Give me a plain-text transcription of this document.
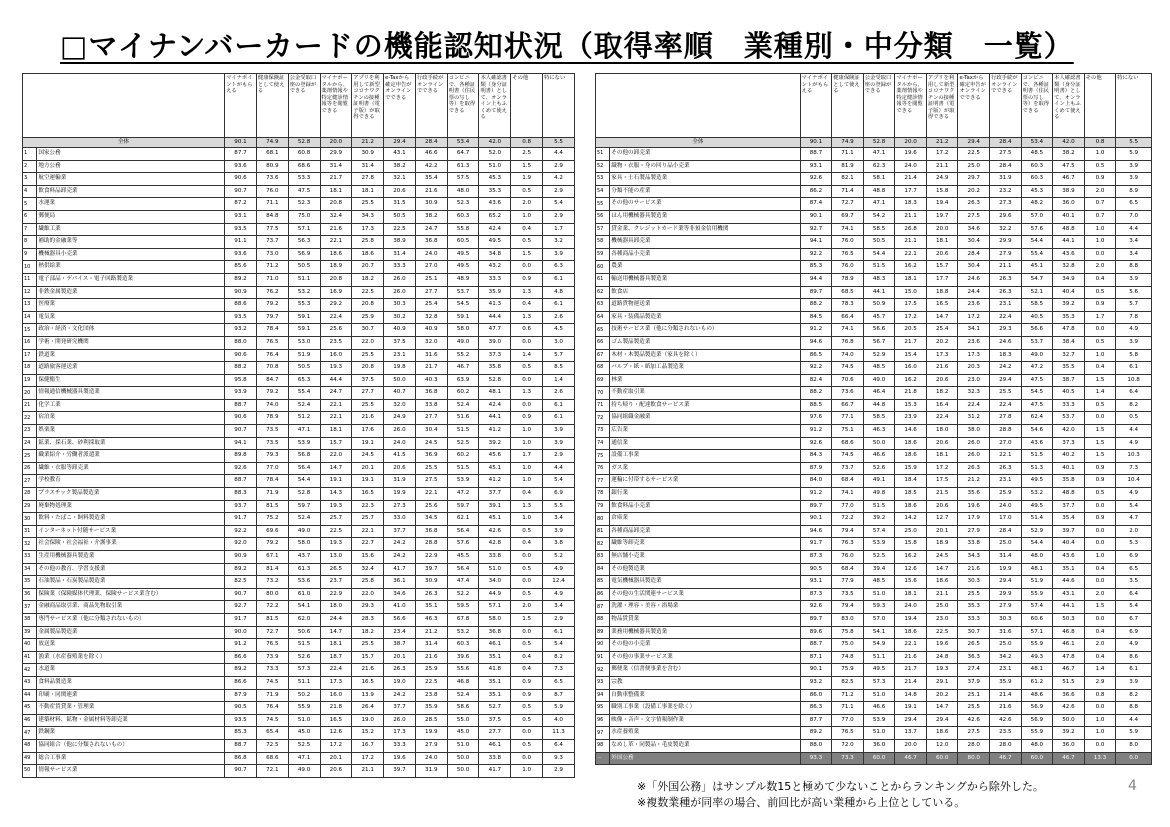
□マイナンバーカードの機能認知状況（取得率順　業種別・中分類　一覧）
		マイナポイントがもらえる	健康保険証として使える	公金受取口座の登録ができる	マイナポータルから、薬剤情報や特定健診情報等を閲覧できる	アプリを利用して新型コロナワクチンの接種証明書（電子版）が取得できる	e-Taxから確定申告がオンラインでできる	行政手続がオンラインでできる	コンビニで、各種証明書（住民票の写し等）を取得できる	本人確認書類（身分証明書）として、オンライン上もふくめて使える	その他	特にない
全体		90.1	74.9	52.8	20.0	21.2	29.4	28.4	53.4	42.0	0.8	5.5
1	国家公務	87.7	68.1	60.8	29.9	30.9	43.1	46.6	64.7	52.0	2.5	4.4
2	地方公務	93.6	80.9	68.6	31.4	31.4	38.2	42.2	61.3	51.0	1.5	2.9
3	航空運輸業	90.6	73.6	53.3	21.7	27.8	32.1	35.4	57.5	45.3	1.9	4.2
4	飲食料品卸売業	90.7	76.0	47.5	18.1	18.1	20.6	21.6	48.0	35.3	0.5	2.9
5	水運業	87.2	71.1	52.3	20.8	25.5	31.5	30.9	52.3	43.6	2.0	5.4
6	郵便局	93.1	84.8	75.0	32.4	34.3	50.5	38.2	60.3	65.2	1.0	2.9
7	繊維工業	93.5	77.5	57.1	21.6	17.3	22.5	24.7	55.8	42.4	0.4	1.7
8	補助的金融業等	91.1	73.7	56.3	22.1	25.8	38.9	36.8	60.5	49.5	0.5	3.2
9	機械器具小売業	93.6	73.0	56.9	18.6	18.6	31.4	24.0	49.5	34.8	1.5	3.9
10	熱供給業	85.6	71.2	50.5	18.9	20.7	33.3	27.0	49.5	43.2	0.0	6.3
11	電子部品・デバイス・電子回路製造業	89.2	71.0	51.1	20.8	18.2	26.0	25.1	48.9	33.3	0.9	6.1
12	非鉄金属製造業	90.9	76.2	53.2	16.9	22.5	26.0	27.7	53.7	35.9	1.3	4.8
13	医療業	88.6	79.2	55.3	29.2	20.8	30.3	25.4	54.5	41.3	0.4	6.1
14	電気業	93.5	79.7	59.1	22.4	25.9	30.2	32.8	59.1	44.4	1.3	2.6
15	政治・経済・文化団体	93.2	78.4	59.1	25.6	30.7	40.9	40.9	58.0	47.7	0.6	4.5
16	学術・開発研究機関	88.0	76.5	53.0	23.5	22.0	37.5	32.0	49.0	39.0	0.0	3.0
17	鉄道業	90.6	76.4	51.9	16.0	25.5	23.1	31.6	55.2	37.3	1.4	5.7
18	道路旅客運送業	88.2	70.8	50.5	19.3	20.8	19.8	21.7	46.7	35.8	0.5	8.5
19	保健衛生	95.8	84.7	65.3	44.4	37.5	50.0	40.3	63.9	52.8	0.0	1.4
20	情報通信機械器具製造業	93.9	79.2	55.4	24.7	27.7	40.7	36.8	60.2	48.1	1.3	2.6
21	化学工業	88.7	74.0	52.4	22.1	25.5	32.0	33.8	52.4	42.4	0.0	6.1
22	宿泊業	90.6	78.9	51.2	22.1	21.6	24.9	27.7	51.6	44.1	0.9	6.1
23	娯楽業	90.7	73.5	47.1	18.1	17.6	26.0	30.4	51.5	41.2	1.0	3.9
24	鉱業、採石業、砂利採取業	94.1	73.5	53.9	15.7	19.1	24.0	24.5	52.5	39.2	1.0	3.9
25	職業紹介・労働者派遣業	89.8	79.3	56.8	22.0	24.5	41.5	36.9	60.2	45.6	1.7	2.9
26	繊維・衣服等卸売業	92.6	77.0	56.4	14.7	20.1	20.6	25.5	51.5	45.1	1.0	4.4
27	学校教育	88.7	78.4	54.4	19.1	19.1	31.9	27.5	53.9	41.2	1.0	5.4
28	プラスチック製品製造業	88.3	71.9	52.8	14.3	16.5	19.9	22.1	47.2	37.7	0.4	6.9
29	廃棄物処理業	93.7	81.5	59.7	19.3	22.3	27.3	25.6	59.7	39.1	1.3	5.5
30	飲料・たばこ・飼料製造業	91.7	75.2	52.4	25.7	25.7	33.0	34.5	62.1	45.1	1.0	3.4
31	インターネット付随サービス業	92.2	69.6	49.0	22.5	22.1	37.7	36.8	56.4	42.6	0.5	3.9
32	社会保険・社会福祉・介護事業	92.0	79.2	58.0	19.3	22.7	24.2	28.8	57.6	42.8	0.4	3.8
33	生産用機械器具製造業	90.9	67.1	43.7	13.0	15.6	24.2	22.9	45.5	33.8	0.0	5.2
34	その他の教育、学習支援業	89.2	81.4	61.3	26.5	32.4	41.7	39.7	56.4	51.0	0.5	4.9
35	石油製品・石炭製品製造業	82.5	73.2	53.6	23.7	25.8	36.1	30.9	47.4	34.0	0.0	12.4
36	保険業（保険媒体代理業、保険サービス業含む）	90.7	80.0	61.0	22.9	22.0	34.6	26.3	52.2	44.9	0.5	4.9
37	金融商品取引業、商品先物取引業	92.7	72.2	54.1	18.0	29.3	41.0	35.1	59.5	57.1	2.0	3.4
38	専門サービス業（他に分類されないもの）	91.7	81.5	62.0	24.4	28.3	56.6	46.3	67.8	58.0	1.5	2.9
39	金属製品製造業	90.0	72.7	50.6	14.7	18.2	23.4	21.2	53.2	36.8	0.0	6.1
40	放送業	91.2	76.5	51.5	18.1	25.5	38.7	31.4	60.3	46.1	0.5	5.4
41	漁業（水産養殖業を除く）	86.6	73.9	52.6	18.7	15.7	20.1	21.6	39.6	35.1	0.4	8.2
42	水道業	89.2	73.3	57.3	22.4	21.6	26.3	25.9	55.6	41.8	0.4	7.3
43	食料品製造業	86.6	74.5	51.1	17.3	16.5	19.0	22.5	46.8	35.1	0.9	6.5
44	印刷・同関連業	87.9	71.9	50.2	16.0	13.9	24.2	23.8	52.4	35.1	0.9	8.7
45	不動産賃貸業・管理業	90.5	76.4	55.9	21.8	26.4	37.7	35.9	58.6	52.7	0.5	5.9
46	建築材料、鉱物・金属材料等卸売業	93.5	74.5	51.0	16.5	19.0	26.0	28.5	55.0	37.5	0.5	4.0
47	鉄鋼業	85.3	65.4	45.0	12.6	15.2	17.3	19.9	45.0	27.7	0.0	11.3
48	協同組合（他に分類されないもの）	88.7	72.5	52.5	17.2	16.7	33.3	27.9	51.0	46.1	0.5	6.4
49	総合工事業	86.8	68.6	47.1	20.1	17.2	19.6	24.0	50.0	33.8	0.0	9.3
50	情報サービス業	90.7	72.1	49.0	20.6	21.1	39.7	31.9	50.0	41.7	1.0	2.9
		マイナポイントがもらえる	健康保険証として使える	公金受取口座の登録ができる	マイナポータルから、薬剤情報や特定健診情報等を閲覧できる	アプリを利用して新型コロナワクチンの接種証明書（電子版）が取得できる	e-Taxから確定申告がオンラインでできる	行政手続がオンラインでできる	コンビニで、各種証明書（住民票の写し等）を取得できる	本人確認書類（身分証明書）として、オンライン上もふくめて使える	その他	特にない
全体		90.1	74.9	52.8	20.0	21.2	29.4	28.4	53.4	42.0	0.8	5.5
51	その他の卸売業	88.7	71.1	47.1	19.6	17.2	22.5	27.5	48.5	38.2	1.0	5.9
52	織物・衣服・身の回り品小売業	93.1	81.9	62.3	24.0	21.1	25.0	28.4	60.3	47.5	0.5	3.9
53	家具・士石製品製造業	92.6	82.1	58.1	21.4	24.9	29.7	31.9	60.3	46.7	0.9	3.9
54	分類不能の産業	86.2	71.4	48.8	17.7	15.8	20.2	23.2	45.3	38.9	2.0	8.9
55	その他のサービス業	87.4	72.7	47.1	18.3	19.4	26.3	27.3	48.2	36.0	0.7	6.5
56	はん用機械器具製造業	90.1	69.7	54.2	21.1	19.7	27.5	29.6	57.0	40.1	0.7	7.0
57	貸金業、クレジットカード業等非預金信用機関	92.7	74.1	58.5	26.8	20.0	34.6	32.2	57.6	48.8	1.0	4.4
58	機械器具卸売業	94.1	76.0	50.5	21.1	18.1	30.4	29.9	54.4	44.1	1.0	3.4
59	各種商品小売業	92.2	76.5	54.4	22.1	20.6	28.4	27.9	55.4	43.6	0.0	3.4
60	農業	85.3	76.0	51.5	16.2	15.7	30.4	21.1	45.1	32.8	2.0	8.8
61	輸送用機械器具製造業	94.4	78.9	48.3	18.1	17.7	24.6	26.3	54.7	34.9	0.4	3.9
62	飲食店	89.7	68.5	44.1	15.0	18.8	24.4	26.3	52.1	40.4	0.5	5.6
63	道路貨物運送業	88.2	78.3	50.9	17.5	16.5	23.6	23.1	58.5	39.2	0.9	5.7
64	家具・装備品製造業	84.5	66.4	45.7	17.2	14.7	17.2	22.4	40.5	35.3	1.7	7.8
65	技術サービス業（他に分類されないもの）	91.2	74.1	56.6	20.5	25.4	34.1	29.3	56.6	47.8	0.0	4.9
66	ゴム製品製造業	94.6	76.8	56.7	21.7	20.2	23.6	24.6	53.7	38.4	0.5	3.9
67	木材・木製品製造業（家具を除く）	86.5	74.0	52.9	15.4	17.3	17.3	18.3	49.0	32.7	1.0	5.8
68	パルプ・紙・紙加工品製造業	92.2	74.5	48.5	16.0	21.6	20.3	24.2	47.2	35.5	0.4	6.1
69	林業	82.4	70.6	49.0	16.2	20.6	23.0	29.4	47.5	38.7	1.5	10.8
70	不動産取引業	88.2	73.6	46.4	21.8	18.2	32.3	25.5	54.5	40.5	1.4	6.4
71	持ち帰り・配達飲食サービス業	88.5	66.7	44.8	15.3	16.4	22.4	22.4	47.5	33.3	0.5	8.2
72	協同組織金融業	97.6	77.1	58.5	23.9	22.4	31.2	27.8	62.4	53.7	0.0	0.5
73	広告業	91.2	75.1	46.3	14.6	18.0	38.0	28.8	54.6	42.0	1.5	4.4
74	通信業	92.6	68.6	50.0	18.6	20.6	26.0	27.0	43.6	37.3	1.5	4.9
75	設備工事業	84.3	74.5	46.6	18.6	18.1	26.0	22.1	51.5	40.2	1.5	10.3
76	ガス業	87.9	73.7	52.6	15.9	17.2	26.3	26.3	51.3	40.1	0.9	7.3
77	運輸に付帯するサービス業	84.0	68.4	49.1	18.4	17.5	21.2	23.1	49.5	35.8	0.9	10.4
78	銀行業	91.2	74.1	49.8	18.5	21.5	35.6	25.9	53.2	48.8	0.5	4.9
79	飲食料品小売業	89.7	77.0	51.5	18.6	20.6	19.6	24.0	49.5	37.7	0.0	5.4
80	倉庫業	90.1	72.2	39.2	14.2	12.7	17.9	17.0	51.4	35.4	0.9	4.7
81	各種商品卸売業	94.6	79.4	57.4	25.0	20.1	27.9	28.4	52.9	39.7	0.0	2.0
82	繊維等卸売業	91.7	76.3	53.9	15.8	18.9	33.8	25.0	54.4	40.4	0.0	5.3
83	無店舗小売業	87.3	76.0	52.5	16.2	24.5	34.3	31.4	48.0	43.6	1.0	6.9
84	その他製造業	90.5	68.4	39.4	12.6	14.7	21.6	19.9	48.1	35.1	0.4	6.5
85	電気機械器具製造業	93.1	77.9	48.5	15.6	18.6	30.3	29.4	51.9	44.6	0.0	3.5
86	その他の生活関連サービス業	87.3	73.5	51.0	18.1	21.1	25.5	29.9	55.9	43.1	2.0	6.4
87	洗濯・理容・美容・浴場業	92.6	79.4	59.3	24.0	25.0	35.3	27.9	57.4	44.1	1.5	5.4
88	物品賃貸業	89.7	83.0	57.0	19.4	23.0	33.3	30.3	60.6	50.3	0.0	6.7
89	業務用機械器具製造業	89.6	75.8	54.1	18.6	22.5	30.7	31.6	57.1	46.8	0.4	6.9
90	その他の小売業	88.7	75.0	54.9	22.1	19.6	26.5	25.0	55.9	46.1	2.0	4.9
91	その他の事業サービス業	87.1	74.8	51.1	21.6	24.8	36.3	34.2	49.3	47.8	0.4	8.6
92	郵便業（信書便事業を含む）	90.1	75.9	49.5	21.7	19.3	27.4	23.1	48.1	46.7	1.4	6.1
93	宗教	93.2	82.5	57.3	21.4	29.1	37.9	35.9	61.2	51.5	2.9	3.9
94	自動車整備業	86.0	71.2	51.0	14.8	20.2	25.1	21.4	48.6	36.6	0.8	8.2
95	職別工事業（設備工事業を除く）	86.3	71.1	46.6	19.1	14.7	25.5	21.6	56.9	42.6	0.0	8.8
96	映像・音声・文字情報制作業	87.7	77.0	53.9	29.4	29.4	42.6	42.6	56.9	50.0	1.0	4.4
97	水産養殖業	89.2	76.5	51.0	13.7	18.6	27.5	23.5	55.9	39.2	1.0	5.9
98	なめし革・同製品・毛皮製造業	88.0	72.0	36.0	20.0	12.0	28.0	28.0	48.0	36.0	0.0	8.0
－	外国公務	93.3	73.3	60.0	46.7	60.0	80.0	46.7	60.0	46.7	13.3	0.0

※「外国公務」はサンプル数15と極めて少ないことからランキングから除外した。

※複数業種が同率の場合、前回比が高い業種から上位としている。

4
